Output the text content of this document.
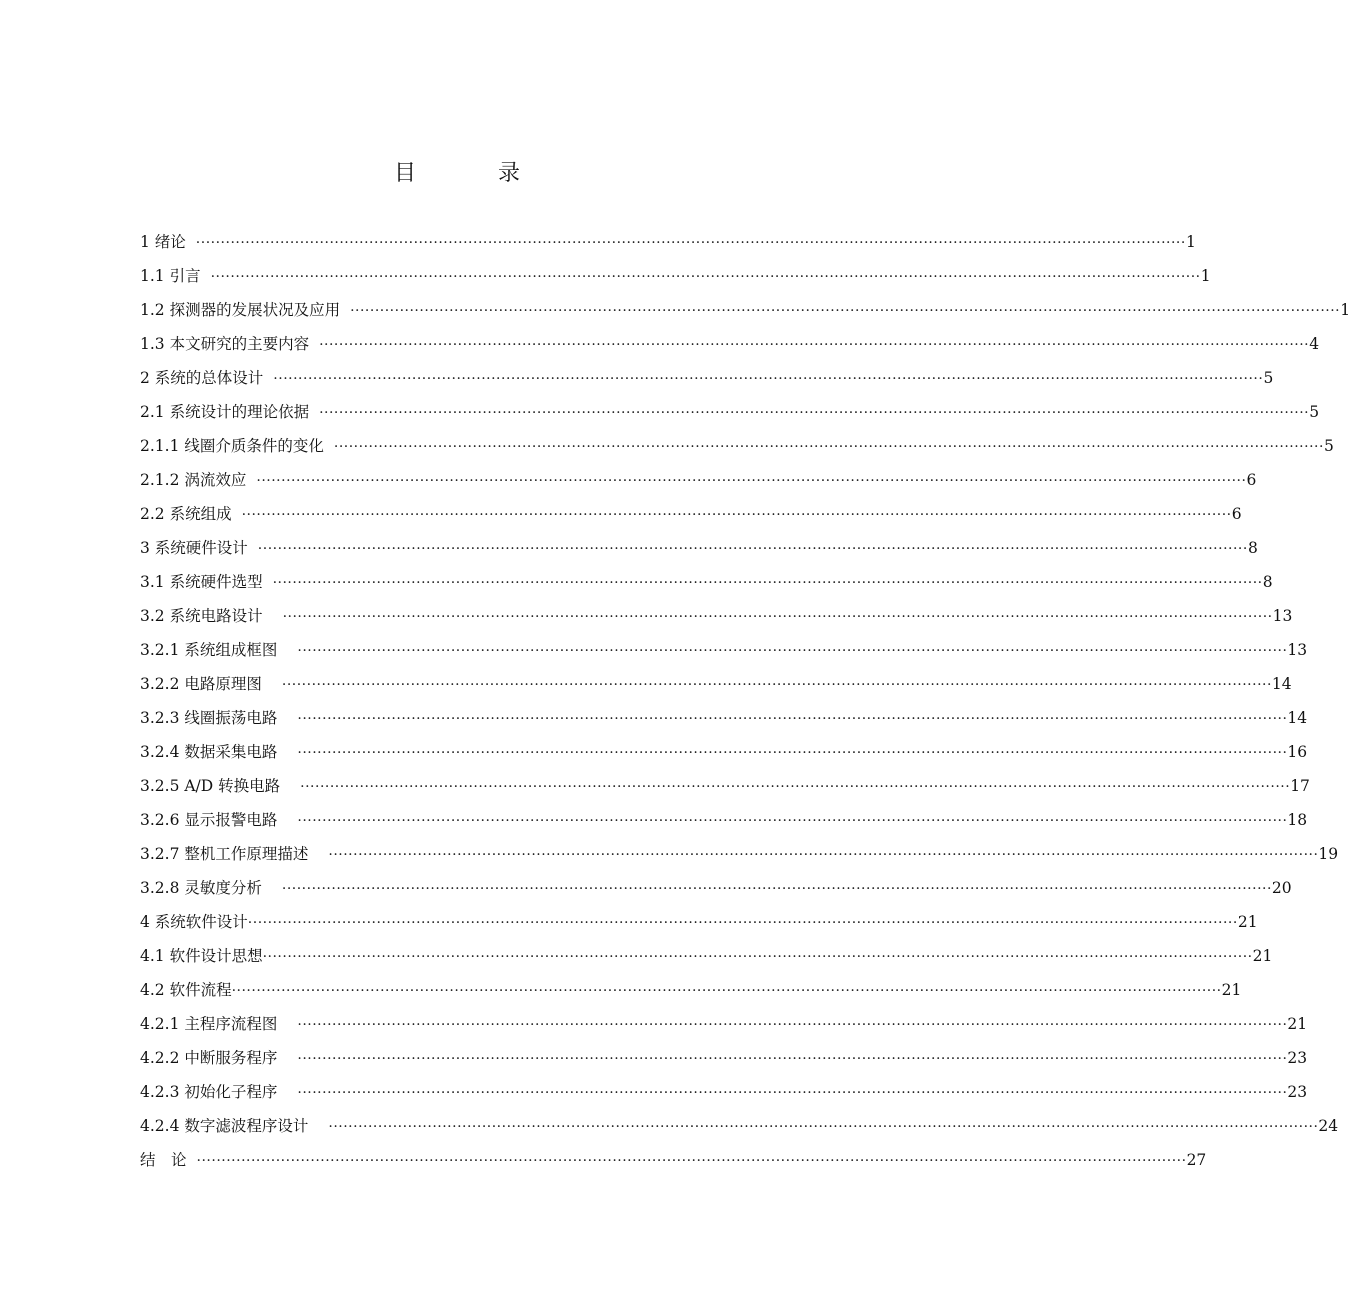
目　录
1 绪论 ········································································································································································································ 1
1.1 引言 ········································································································································································································ 1
1.2 探测器的发展状况及应用 ········································································································································································································ 1
1.3 本文研究的主要内容 ········································································································································································································ 4
2 系统的总体设计 ········································································································································································································ 5
2.1 系统设计的理论依据 ········································································································································································································ 5
2.1.1 线圈介质条件的变化 ········································································································································································································ 5
2.1.2 涡流效应 ········································································································································································································ 6
2.2 系统组成 ········································································································································································································ 6
3 系统硬件设计 ········································································································································································································ 8
3.1 系统硬件选型 ········································································································································································································ 8
3.2 系统电路设计 ········································································································································································································ 13
3.2.1 系统组成框图 ········································································································································································································ 13
3.2.2 电路原理图 ········································································································································································································ 14
3.2.3 线圈振荡电路 ········································································································································································································ 14
3.2.4 数据采集电路 ········································································································································································································ 16
3.2.5 A/D 转换电路 ········································································································································································································ 17
3.2.6 显示报警电路 ········································································································································································································ 18
3.2.7 整机工作原理描述 ········································································································································································································ 19
3.2.8 灵敏度分析 ········································································································································································································ 20
4 系统软件设计 ········································································································································································································ 21
4.1 软件设计思想 ········································································································································································································ 21
4.2 软件流程 ········································································································································································································ 21
4.2.1 主程序流程图 ········································································································································································································ 21
4.2.2 中断服务程序 ········································································································································································································ 23
4.2.3 初始化子程序 ········································································································································································································ 23
4.2.4 数字滤波程序设计 ········································································································································································································ 24
结　论 ········································································································································································································ 27
